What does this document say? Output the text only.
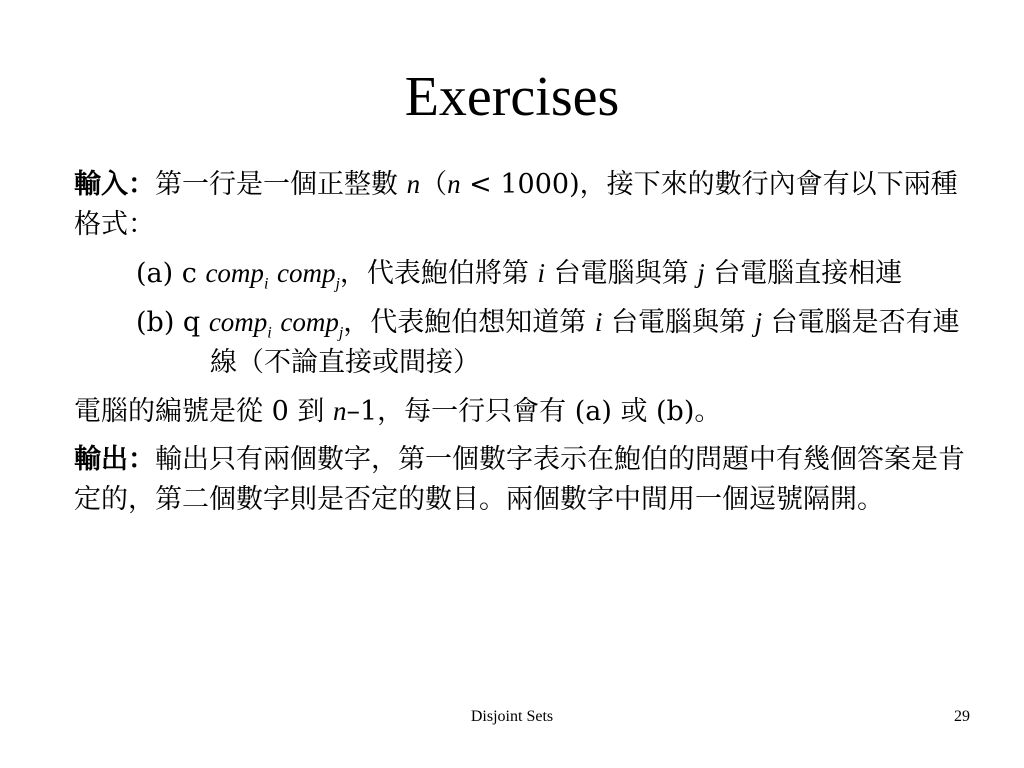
Exercises

輸入：第一行是一個正整數 n（n < 1000)，接下來的數行內會有以下兩種格式：

(a) c comp$_i$ comp$_j$，代表鮑伯將第 i 台電腦與第 j 台電腦直接相連

(b) q comp$_i$ comp$_j$，代表鮑伯想知道第 i 台電腦與第 j 台電腦是否有連線（不論直接或間接）

電腦的編號是從 0 到 n–1，每一行只會有 (a) 或 (b)。

輸出：輸出只有兩個數字，第一個數字表示在鮑伯的問題中有幾個答案是肯定的，第二個數字則是否定的數目。兩個數字中間用一個逗號隔開。

Disjoint Sets	29
